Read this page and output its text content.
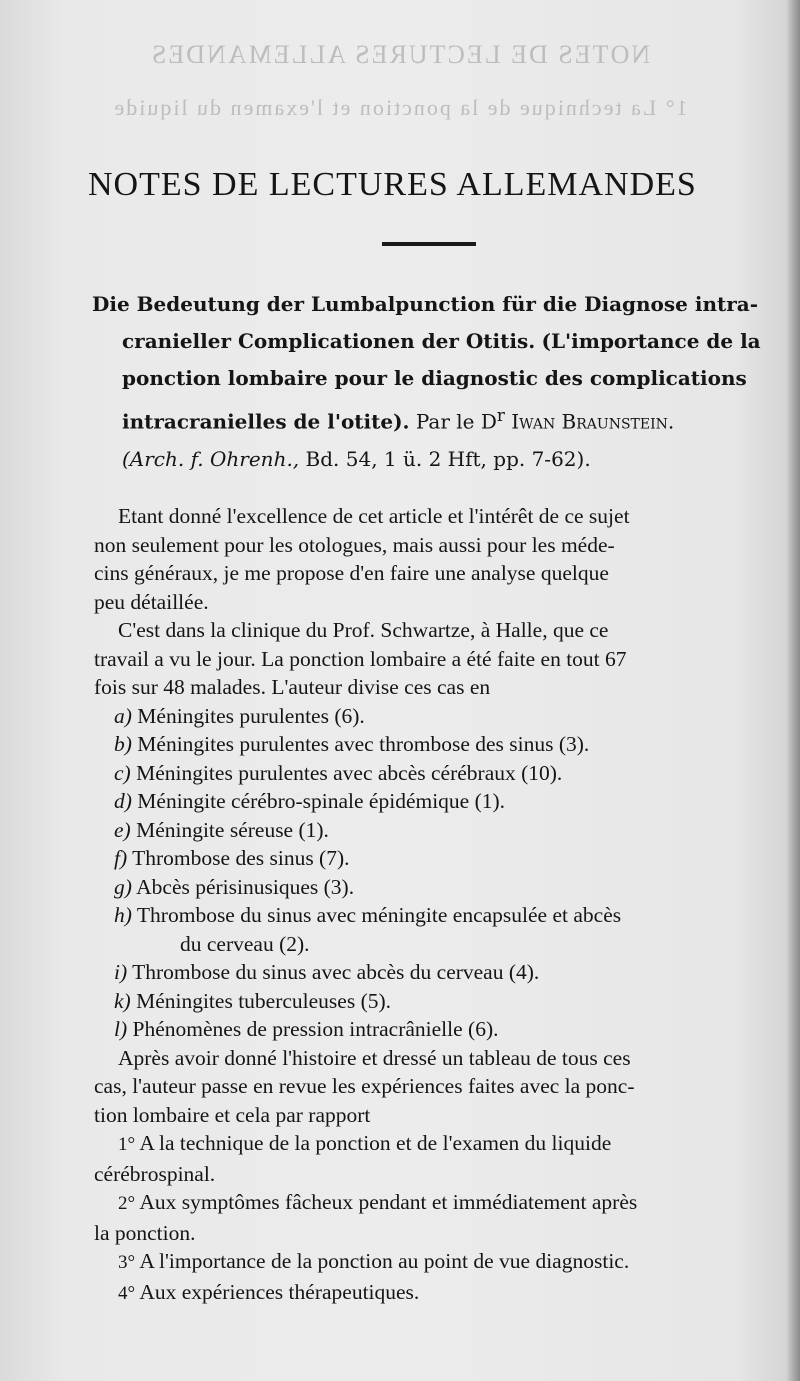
NOTES DE LECTURES ALLEMANDES
1° La technique de la ponction et l'examen du liquide
NOTES DE LECTURES ALLEMANDES
Die Bedeutung der Lumbalpunction für die Diagnose intra-
cranieller Complicationen der Otitis. (L'importance de la
ponction lombaire pour le diagnostic des complications
intracranielles de l'otite). Par le $D^r$ Iwan Braunstein.
(Arch. f. Ohrenh., Bd. 54, 1 ü. 2 Hft, pp. 7-62).
Etant donné l'excellence de cet article et l'intérêt de ce sujet
non seulement pour les otologues, mais aussi pour les méde-
cins généraux, je me propose d'en faire une analyse quelque
peu détaillée.
C'est dans la clinique du Prof. Schwartze, à Halle, que ce
travail a vu le jour. La ponction lombaire a été faite en tout 67
fois sur 48 malades. L'auteur divise ces cas en
a) Méningites purulentes (6).
b) Méningites purulentes avec thrombose des sinus (3).
c) Méningites purulentes avec abcès cérébraux (10).
d) Méningite cérébro-spinale épidémique (1).
e) Méningite séreuse (1).
f) Thrombose des sinus (7).
g) Abcès périsinusiques (3).
h) Thrombose du sinus avec méningite encapsulée et abcès
du cerveau (2).
i) Thrombose du sinus avec abcès du cerveau (4).
k) Méningites tuberculeuses (5).
l) Phénomènes de pression intracrânielle (6).
Après avoir donné l'histoire et dressé un tableau de tous ces
cas, l'auteur passe en revue les expériences faites avec la ponc-
tion lombaire et cela par rapport
1° A la technique de la ponction et de l'examen du liquide
cérébrospinal.
2° Aux symptômes fâcheux pendant et immédiatement après
la ponction.
3° A l'importance de la ponction au point de vue diagnostic.
4° Aux expériences thérapeutiques.
